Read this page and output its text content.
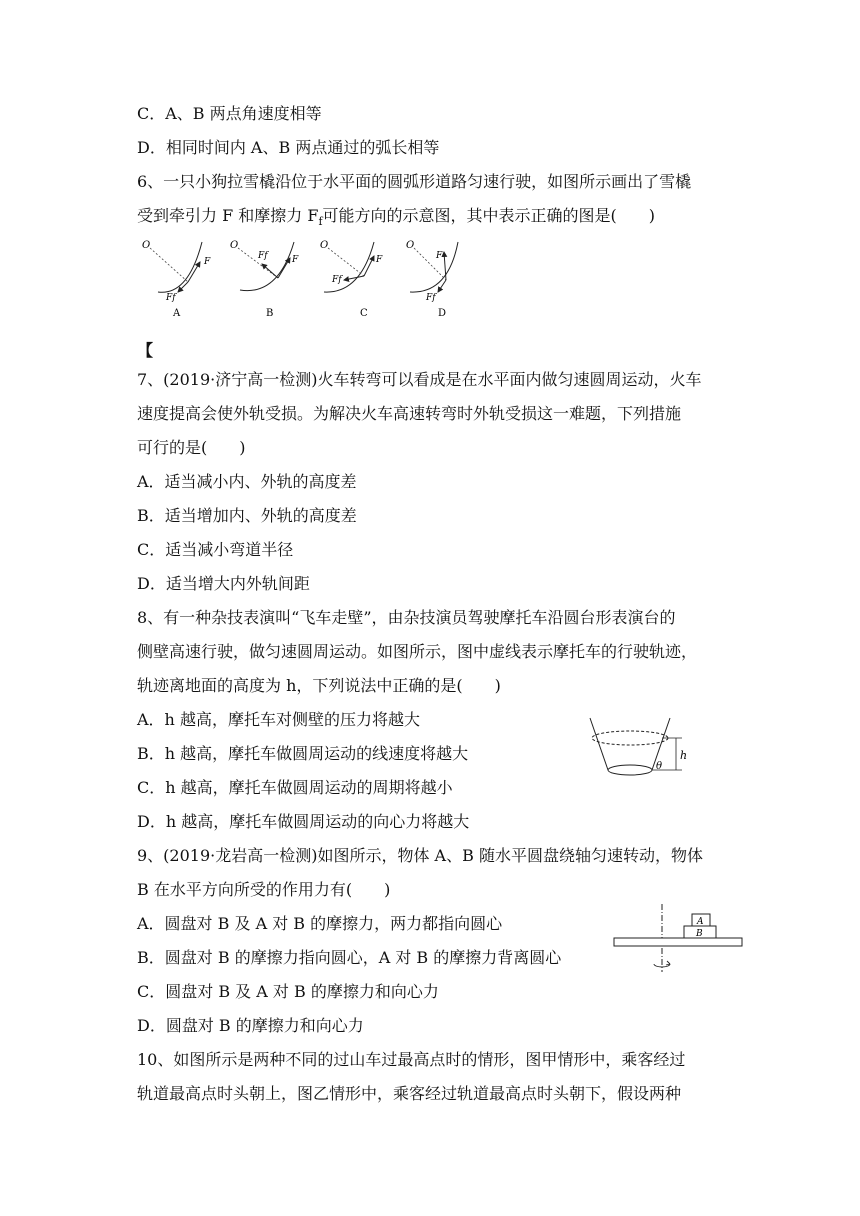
C．A、B 两点角速度相等
D．相同时间内 A、B 两点通过的弧长相等
6、一只小狗拉雪橇沿位于水平面的圆弧形道路匀速行驶，如图所示画出了雪橇
受到牵引力 F 和摩擦力 $F_f$可能方向的示意图，其中表示正确的图是(　　)
O
F
Ff
A
O
F
Ff
B
O
F
Ff
C
O
F
Ff
D
【
7、(2019·济宁高一检测)火车转弯可以看成是在水平面内做匀速圆周运动，火车
速度提高会使外轨受损。为解决火车高速转弯时外轨受损这一难题，下列措施
可行的是(　　)
A．适当减小内、外轨的高度差
B．适当增加内、外轨的高度差
C．适当减小弯道半径
D．适当增大内外轨间距
8、有一种杂技表演叫“飞车走壁”，由杂技演员驾驶摩托车沿圆台形表演台的
侧壁高速行驶，做匀速圆周运动。如图所示，图中虚线表示摩托车的行驶轨迹，
轨迹离地面的高度为 h，下列说法中正确的是(　　)
A．h 越高，摩托车对侧壁的压力将越大
B．h 越高，摩托车做圆周运动的线速度将越大
C．h 越高，摩托车做圆周运动的周期将越小
D．h 越高，摩托车做圆周运动的向心力将越大
h
θ
9、(2019·龙岩高一检测)如图所示，物体 A、B 随水平圆盘绕轴匀速转动，物体
B 在水平方向所受的作用力有(　　)
A．圆盘对 B 及 A 对 B 的摩擦力，两力都指向圆心
B．圆盘对 B 的摩擦力指向圆心，A 对 B 的摩擦力背离圆心
C．圆盘对 B 及 A 对 B 的摩擦力和向心力
D．圆盘对 B 的摩擦力和向心力
A
B
10、如图所示是两种不同的过山车过最高点时的情形，图甲情形中，乘客经过
轨道最高点时头朝上，图乙情形中，乘客经过轨道最高点时头朝下，假设两种
